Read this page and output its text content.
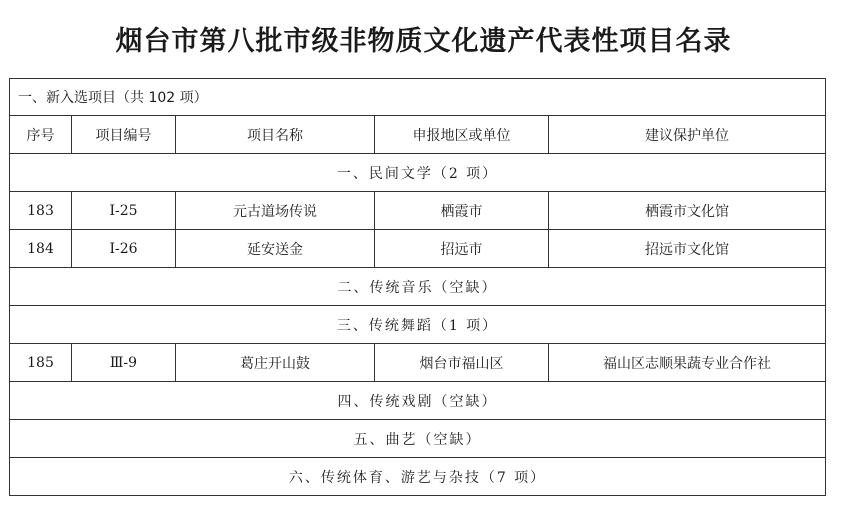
烟台市第八批市级非物质文化遗产代表性项目名录
一、新入选项目（共 102 项）				
序号	项目编号	项目名称	申报地区或单位	建议保护单位
一、民间文学（2 项）				
183	Ⅰ-25	元古道场传说	栖霞市	栖霞市文化馆
184	Ⅰ-26	延安送金	招远市	招远市文化馆
二、传统音乐（空缺）				
三、传统舞蹈（1 项）				
185	Ⅲ-9	葛庄开山鼓	烟台市福山区	福山区志顺果蔬专业合作社
四、传统戏剧（空缺）				
五、曲艺（空缺）				
六、传统体育、游艺与杂技（7 项）				
